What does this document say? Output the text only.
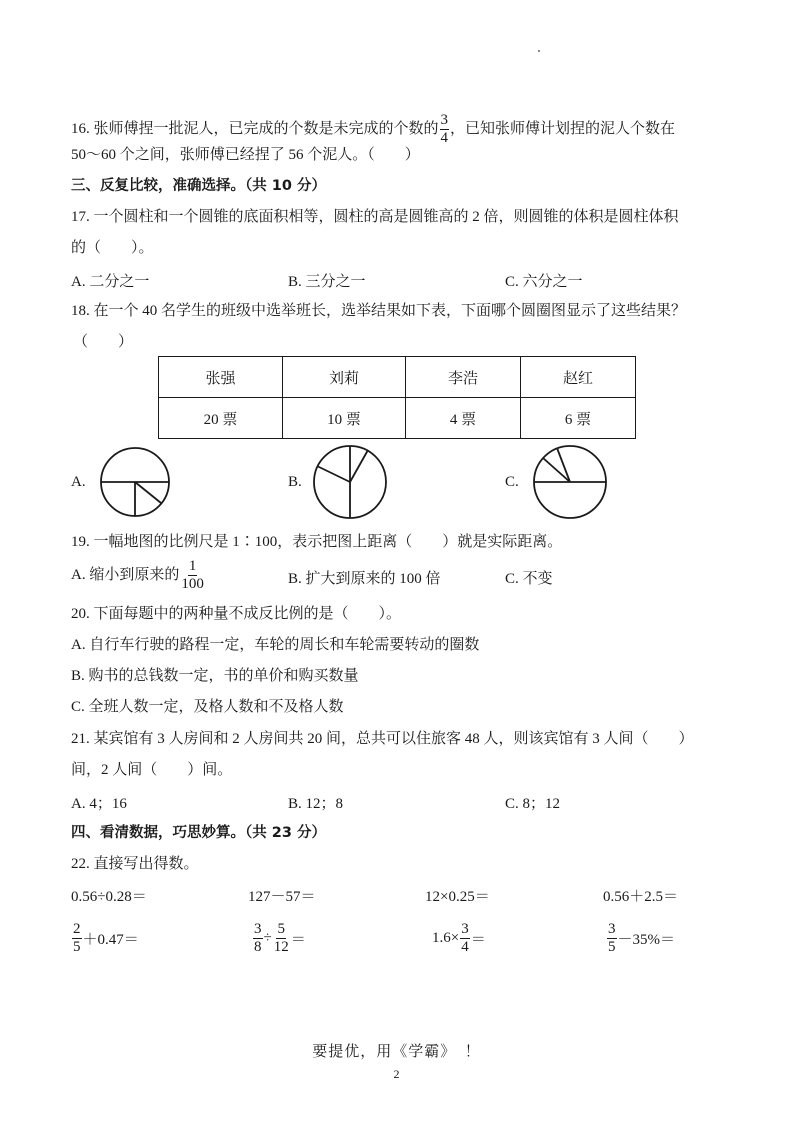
16. 张师傅捏一批泥人，已完成的个数是未完成的个数的 $\frac{3}{4}$ ，已知张师傅计划捏的泥人个数在
50～60 个之间，张师傅已经捏了 56 个泥人。（　　）
三、反复比较，准确选择。（共 10 分）
17. 一个圆柱和一个圆锥的底面积相等，圆柱的高是圆锥高的 2 倍，则圆锥的体积是圆柱体积
的（　　）。
A. 二分之一	B. 三分之一	C. 六分之一
18. 在一个 40 名学生的班级中选举班长，选举结果如下表，下面哪个圆圈图显示了这些结果？
（　　）
张强	刘莉	李浩	赵红
20 票	10 票	4 票	6 票
A.	B.	C.
19. 一幅地图的比例尺是 1∶100，表示把图上距离（　　）就是实际距离。
A. 缩小到原来的 $\frac{1}{100}$	B. 扩大到原来的 100 倍	C. 不变
20. 下面每题中的两种量不成反比例的是（　　）。
A. 自行车行驶的路程一定，车轮的周长和车轮需要转动的圈数
B. 购书的总钱数一定，书的单价和购买数量
C. 全班人数一定，及格人数和不及格人数
21. 某宾馆有 3 人房间和 2 人房间共 20 间，总共可以住旅客 48 人，则该宾馆有 3 人间（　　）
间，2 人间（　　）间。
A. 4；16	B. 12；8	C. 8；12
四、看清数据，巧思妙算。（共 23 分）
22. 直接写出得数。
0.56÷0.28＝	127－57＝	12×0.25＝	0.56＋2.5＝
$\frac{2}{5} +0.47=$	$\frac{3}{8} \div \frac{5}{12}$ ＝	$1.6\times \frac{3}{4}$ ＝	$\frac{3}{5} -35\%=$
要提优，用《学霸》　！
2
